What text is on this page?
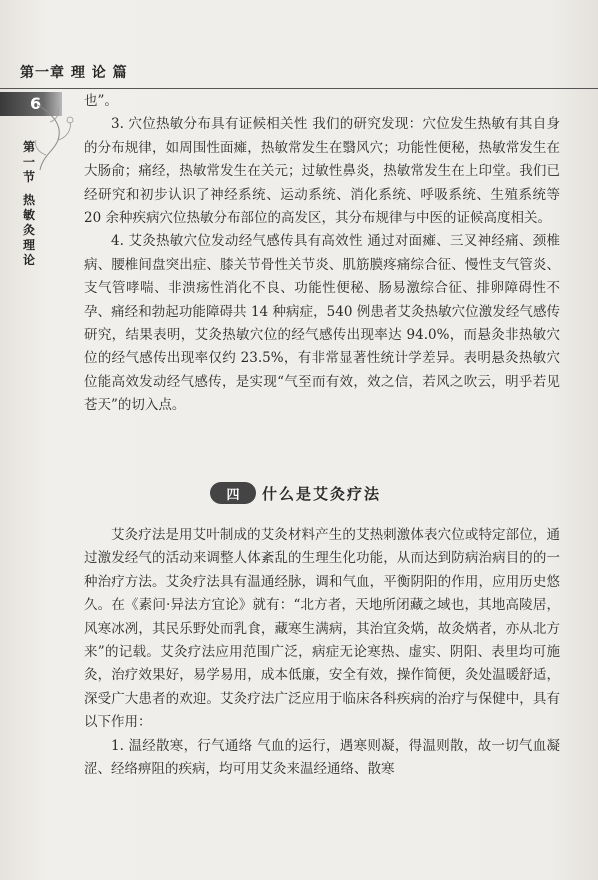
第一章 理 论 篇
6
第一节
热敏灸理论

也”。

3. 穴位热敏分布具有证候相关性 我们的研究发现：穴位发生热敏有其自身的分布规律，如周围性面瘫，热敏常发生在翳风穴；功能性便秘，热敏常发生在大肠俞；痛经，热敏常发生在关元；过敏性鼻炎，热敏常发生在上印堂。我们已经研究和初步认识了神经系统、运动系统、消化系统、呼吸系统、生殖系统等 20 余种疾病穴位热敏分布部位的高发区，其分布规律与中医的证候高度相关。

4. 艾灸热敏穴位发动经气感传具有高效性 通过对面瘫、三叉神经痛、颈椎病、腰椎间盘突出症、膝关节骨性关节炎、肌筋膜疼痛综合征、慢性支气管炎、支气管哮喘、非溃疡性消化不良、功能性便秘、肠易激综合征、排卵障碍性不孕、痛经和勃起功能障碍共 14 种病症，540 例患者艾灸热敏穴位激发经气感传研究，结果表明，艾灸热敏穴位的经气感传出现率达 94.0%，而悬灸非热敏穴位的经气感传出现率仅约 23.5%，有非常显著性统计学差异。表明悬灸热敏穴位能高效发动经气感传，是实现“气至而有效，效之信，若风之吹云，明乎若见苍天”的切入点。

四 什么是艾灸疗法

艾灸疗法是用艾叶制成的艾灸材料产生的艾热刺激体表穴位或特定部位，通过激发经气的活动来调整人体紊乱的生理生化功能，从而达到防病治病目的的一种治疗方法。艾灸疗法具有温通经脉，调和气血，平衡阴阳的作用，应用历史悠久。在《素问·异法方宜论》就有：“北方者，天地所闭藏之域也，其地高陵居，风寒冰冽，其民乐野处而乳食，藏寒生满病，其治宜灸焫，故灸焫者，亦从北方来”的记载。艾灸疗法应用范围广泛，病症无论寒热、虚实、阴阳、表里均可施灸，治疗效果好，易学易用，成本低廉，安全有效，操作简便，灸处温暖舒适，深受广大患者的欢迎。艾灸疗法广泛应用于临床各科疾病的治疗与保健中，具有以下作用：

1. 温经散寒，行气通络 气血的运行，遇寒则凝，得温则散，故一切气血凝涩、经络痹阻的疾病，均可用艾灸来温经通络、散寒
